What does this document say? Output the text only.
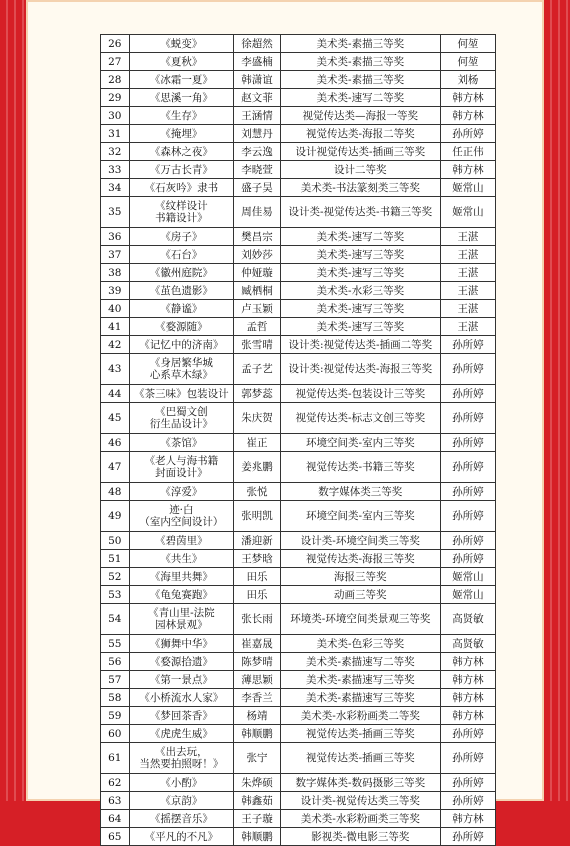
26	《蜕变》	徐超然	美术类-素描三等奖	何堃
27	《夏秋》	李盛楠	美术类-素描三等奖	何堃
28	《冰霜一夏》	韩潇谊	美术类-素描三等奖	刘杨
29	《思溪一角》	赵文菲	美术类-速写二等奖	韩方林
30	《生存》	王涵情	视觉传达类—海报一等奖	韩方林
31	《掩埋》	刘慧丹	视觉传达类-海报二等奖	孙所婷
32	《森林之夜》	李云逸	设计视觉传达类-插画三等奖	任正伟
33	《万古长青》	李晓萱	设计二等奖	韩方林
34	《石灰吟》隶书	盛子昊	美术类-书法篆刻类三等奖	姬常山
35	《纹样设计
书籍设计》	周佳易	设计类-视觉传达类-书籍三等奖	姬常山
36	《房子》	樊昌宗	美术类-速写二等奖	王湛
37	《石台》	刘妙莎	美术类-速写三等奖	王湛
38	《徽州庭院》	仲娅璇	美术类-速写三等奖	王湛
39	《茧色遗影》	臧栖桐	美术类-水彩三等奖	王湛
40	《静谧》	卢玉颖	美术类-速写三等奖	王湛
41	《婺源随》	孟哲	美术类-速写三等奖	王湛
42	《记忆中的济南》	张雪晴	设计类:视觉传达类-插画二等奖	孙所婷
43	《身居繁华城
心系草木绿》	孟子艺	设计类:视觉传达类-海报三等奖	孙所婷
44	《茶三味》包装设计	郭梦蕊	视觉传达类-包装设计三等奖	孙所婷
45	《巴蜀文创
衍生品设计》	朱庆贺	视觉传达类-标志文创三等奖	孙所婷
46	《茶馆》	崔正	环境空间类-室内三等奖	孙所婷
47	《老人与海书籍
封面设计》	姜兆鹏	视觉传达类-书籍三等奖	孙所婷
48	《淳爱》	张悦	数字媒体类三等奖	孙所婷
49	迹·白
（室内空间设计）	张明凯	环境空间类-室内三等奖	孙所婷
50	《碧茵里》	潘迎新	设计类-环境空间类三等奖	孙所婷
51	《共生》	王梦晗	视觉传达类-海报三等奖	孙所婷
52	《海里共舞》	田乐	海报三等奖	姬常山
53	《龟兔赛跑》	田乐	动画三等奖	姬常山
54	《青山里-法院
园林景观》	张长雨	环境类-环境空间类景观三等奖	高贤敏
55	《狮舞中华》	崔嘉晟	美术类-色彩三等奖	高贤敏
56	《婺源拾遗》	陈梦晴	美术类-素描速写二等奖	韩方林
57	《第一景点》	薄思颖	美术类-素描速写三等奖	韩方林
58	《小桥流水人家》	李香兰	美术类-素描速写三等奖	韩方林
59	《梦回茶香》	杨靖	美术类-水彩粉画类二等奖	韩方林
60	《虎虎生威》	韩顺鹏	视觉传达类-插画三等奖	孙所婷
61	《出去玩，
当然要拍照呀！》	张宁	视觉传达类-插画三等奖	孙所婷
62	《小酌》	朱烨硕	数字媒体类-数码摄影三等奖	孙所婷
63	《京韵》	韩鑫茹	设计类-视觉传达类三等奖	孙所婷
64	《摇摆音乐》	王子璇	美术类-水彩粉画类三等奖	韩方林
65	《平凡的不凡》	韩顺鹏	影视类-微电影三等奖	孙所婷
